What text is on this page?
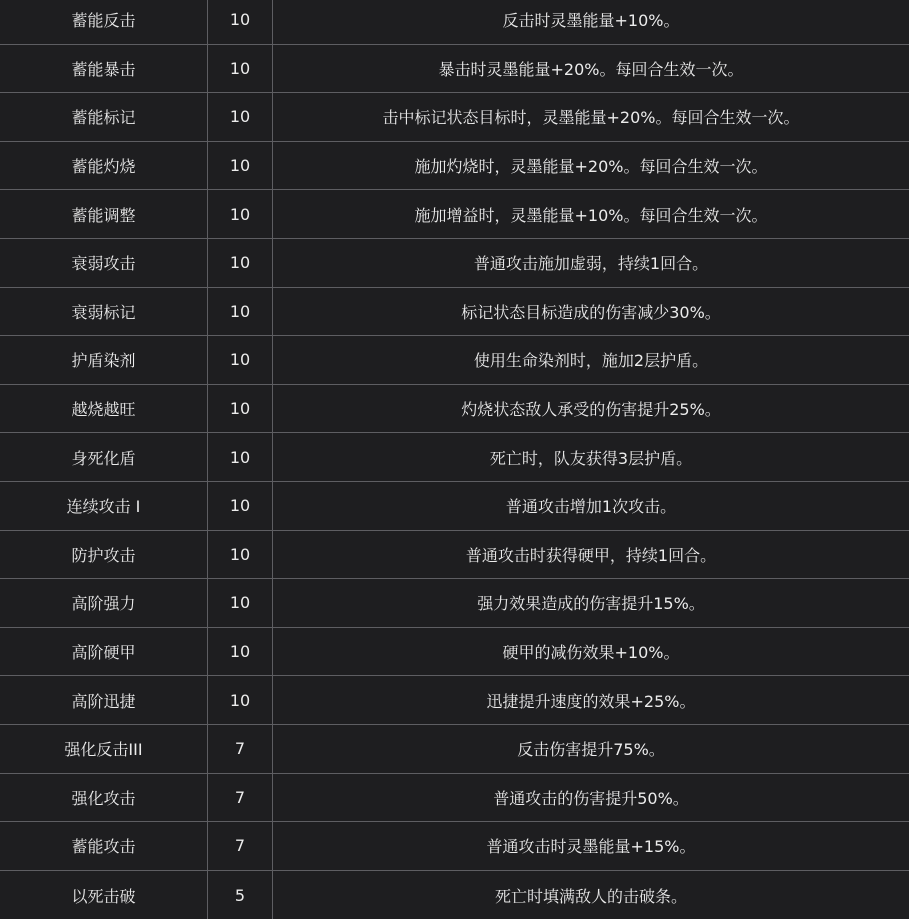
蓄能反击	10	反击时灵墨能量+10%。
蓄能暴击	10	暴击时灵墨能量+20%。每回合生效一次。
蓄能标记	10	击中标记状态目标时，灵墨能量+20%。每回合生效一次。
蓄能灼烧	10	施加灼烧时，灵墨能量+20%。每回合生效一次。
蓄能调整	10	施加增益时，灵墨能量+10%。每回合生效一次。
衰弱攻击	10	普通攻击施加虚弱，持续1回合。
衰弱标记	10	标记状态目标造成的伤害减少30%。
护盾染剂	10	使用生命染剂时，施加2层护盾。
越烧越旺	10	灼烧状态敌人承受的伤害提升25%。
身死化盾	10	死亡时，队友获得3层护盾。
连续攻击 I	10	普通攻击增加1次攻击。
防护攻击	10	普通攻击时获得硬甲，持续1回合。
高阶强力	10	强力效果造成的伤害提升15%。
高阶硬甲	10	硬甲的减伤效果+10%。
高阶迅捷	10	迅捷提升速度的效果+25%。
强化反击III	7	反击伤害提升75%。
强化攻击	7	普通攻击的伤害提升50%。
蓄能攻击	7	普通攻击时灵墨能量+15%。
以死击破	5	死亡时填满敌人的击破条。
